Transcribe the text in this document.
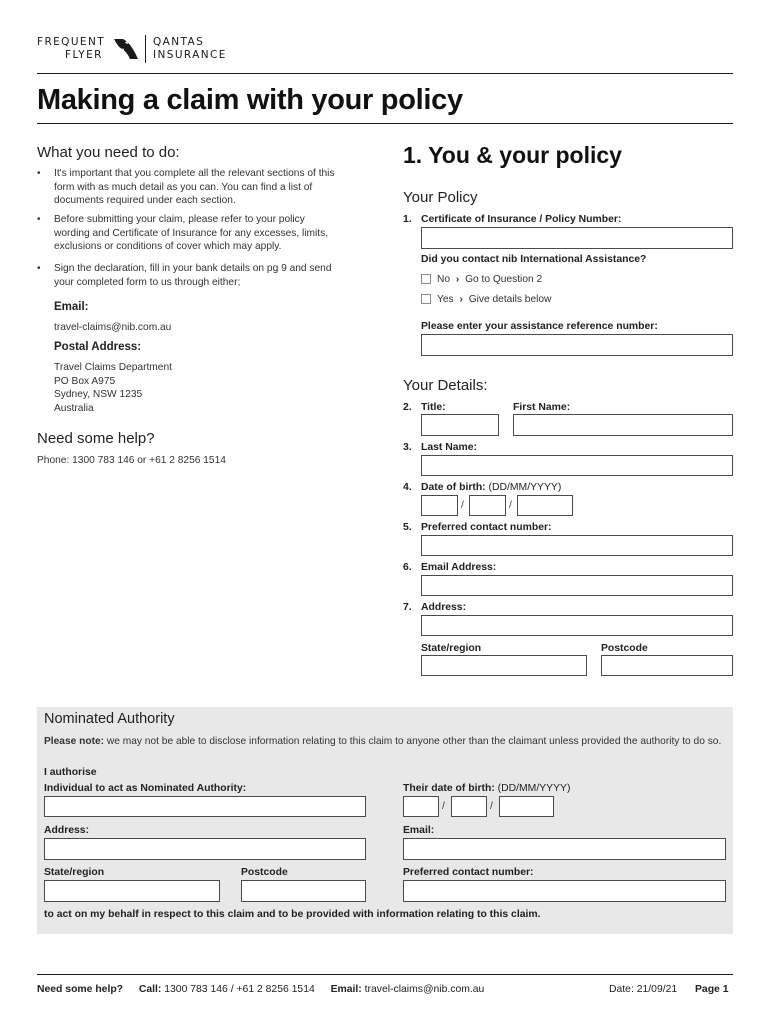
FREQUENT
FLYER
QANTAS
INSURANCE
Making a claim with your policy
What you need to do:
• It's important that you complete all the relevant sections of this form with as much detail as you can. You can find a list of documents required under each section.
• Before submitting your claim, please refer to your policy wording and Certificate of Insurance for any excesses, limits, exclusions or conditions of cover which may apply.
• Sign the declaration, fill in your bank details on pg 9 and send your completed form to us through either;
Email:
travel-claims@nib.com.au
Postal Address:
Travel Claims Department
PO Box A975
Sydney, NSW 1235
Australia
Need some help?
Phone: 1300 783 146 or +61 2 8256 1514
1. You & your policy
Your Policy
1. Certificate of Insurance / Policy Number:
Did you contact nib International Assistance?
No › Go to Question 2
Yes › Give details below
Please enter your assistance reference number:
Your Details:
2. Title:	First Name:
3. Last Name:
4. Date of birth: (DD/MM/YYYY)
/	/
5. Preferred contact number:
6. Email Address:
7. Address:
State/region	Postcode
Nominated Authority
Please note: we may not be able to disclose information relating to this claim to anyone other than the claimant unless provided the authority to do so.
I authorise
Individual to act as Nominated Authority:	Their date of birth: (DD/MM/YYYY)
/	/
Address:	Email:
State/region	Postcode	Preferred contact number:
to act on my behalf in respect to this claim and to be provided with information relating to this claim.
Need some help? Call: 1300 783 146 / +61 2 8256 1514 Email: travel-claims@nib.com.au	Date: 21/09/21 Page 1
